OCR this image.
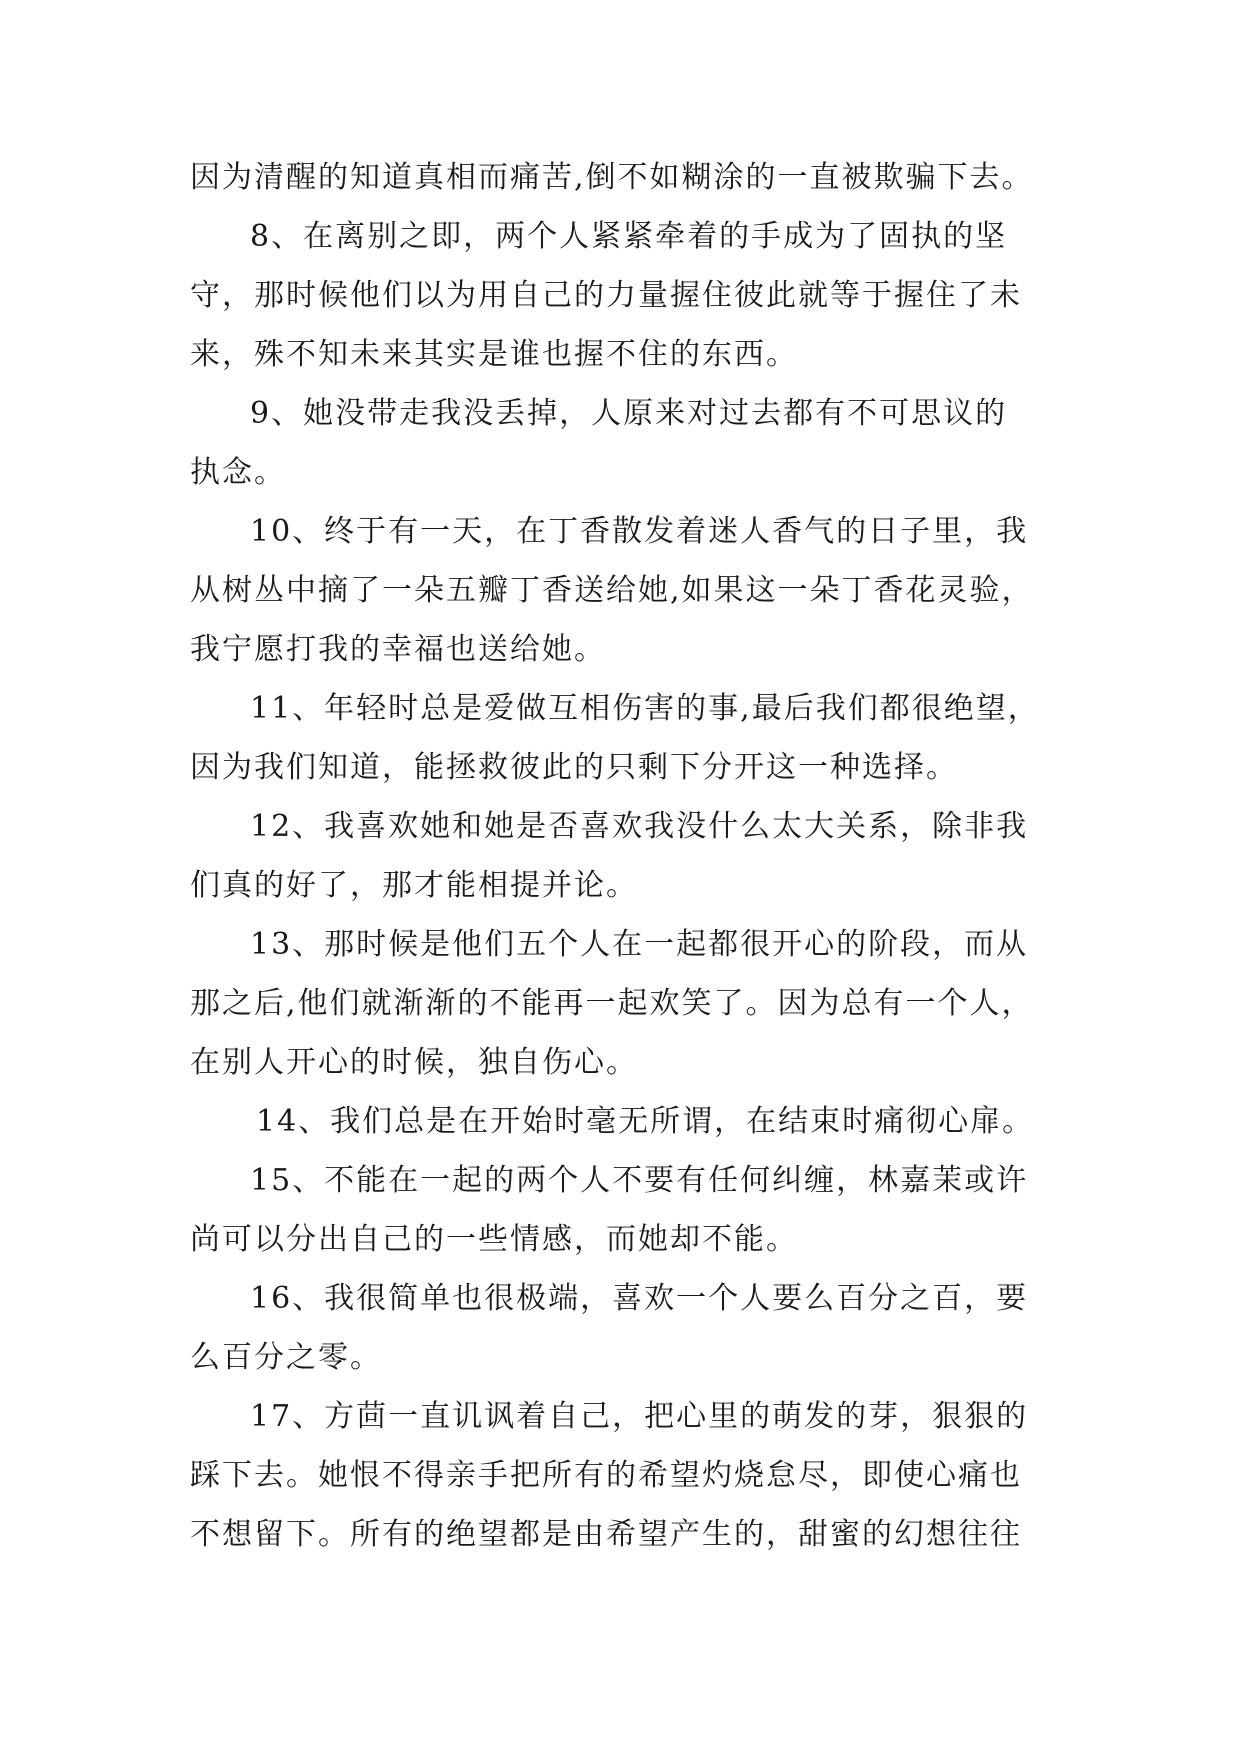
因为清醒的知道真相而痛苦,倒不如糊涂的一直被欺骗下去。
8、在离别之即，两个人紧紧牵着的手成为了固执的坚
守，那时候他们以为用自己的力量握住彼此就等于握住了未
来，殊不知未来其实是谁也握不住的东西。
9、她没带走我没丢掉，人原来对过去都有不可思议的
执念。
10、终于有一天，在丁香散发着迷人香气的日子里，我
从树丛中摘了一朵五瓣丁香送给她,如果这一朵丁香花灵验，
我宁愿打我的幸福也送给她。
11、年轻时总是爱做互相伤害的事,最后我们都很绝望，
因为我们知道，能拯救彼此的只剩下分开这一种选择。
12、我喜欢她和她是否喜欢我没什么太大关系，除非我
们真的好了，那才能相提并论。
13、那时候是他们五个人在一起都很开心的阶段，而从
那之后,他们就渐渐的不能再一起欢笑了。因为总有一个人，
在别人开心的时候，独自伤心。
14、我们总是在开始时毫无所谓，在结束时痛彻心扉。
15、不能在一起的两个人不要有任何纠缠，林嘉茉或许
尚可以分出自己的一些情感，而她却不能。
16、我很简单也很极端，喜欢一个人要么百分之百，要
么百分之零。
17、方茴一直讥讽着自己，把心里的萌发的芽，狠狠的
踩下去。她恨不得亲手把所有的希望灼烧怠尽，即使心痛也
不想留下。所有的绝望都是由希望产生的，甜蜜的幻想往往
